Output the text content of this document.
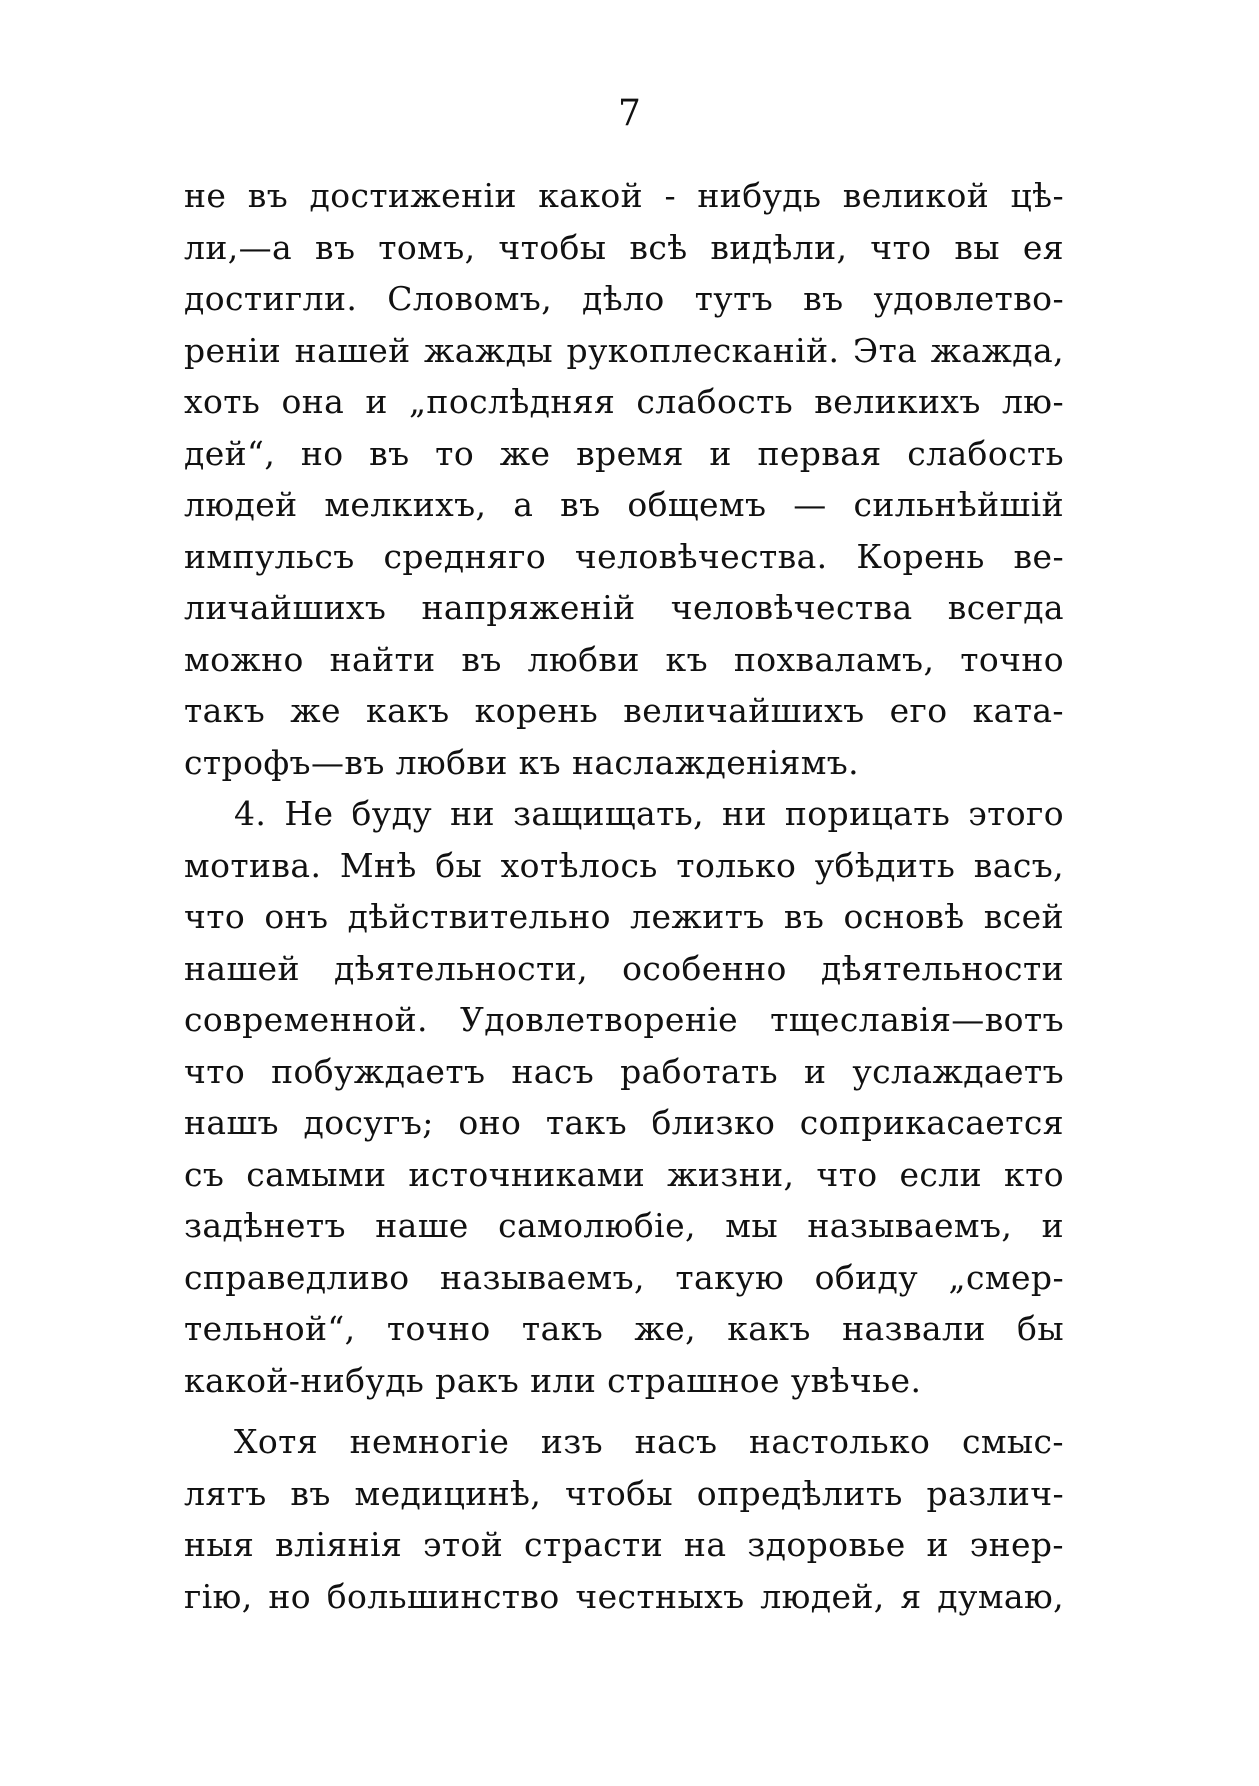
7
не въ достиженіи какой - нибудь великой цѣ-
ли,—а въ томъ, чтобы всѣ видѣли, что вы ея
достигли. Словомъ, дѣло тутъ въ удовлетво-
реніи нашей жажды рукоплесканій. Эта жажда,
хоть она и „послѣдняя слабость великихъ лю-
дей“, но въ то же время и первая слабость
людей мелкихъ, а въ общемъ — сильнѣйшій
импульсъ средняго человѣчества. Корень ве-
личайшихъ напряженій человѣчества всегда
можно найти въ любви къ похваламъ, точно
такъ же какъ корень величайшихъ его ката-
строфъ—въ любви къ наслажденіямъ.
4. Не буду ни защищать, ни порицать этого
мотива. Мнѣ бы хотѣлось только убѣдить васъ,
что онъ дѣйствительно лежитъ въ основѣ всей
нашей дѣятельности, особенно дѣятельности
современной. Удовлетвореніе тщеславія—вотъ
что побуждаетъ насъ работать и услаждаетъ
нашъ досугъ; оно такъ близко соприкасается
съ самыми источниками жизни, что если кто
задѣнетъ наше самолюбіе, мы называемъ, и
справедливо называемъ, такую обиду „смер-
тельной“, точно такъ же, какъ назвали бы
какой-нибудь ракъ или страшное увѣчье.
Хотя немногіе изъ насъ настолько смыс-
лятъ въ медицинѣ, чтобы опредѣлить различ-
ныя вліянія этой страсти на здоровье и энер-
гію, но большинство честныхъ людей, я думаю,
